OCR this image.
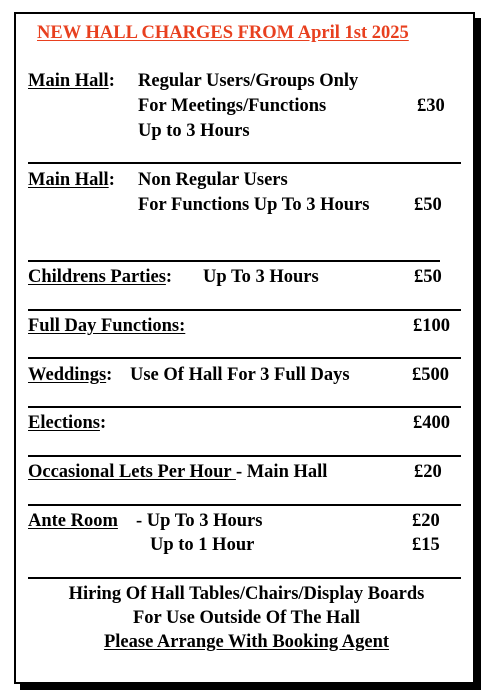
NEW HALL CHARGES FROM April 1st 2025
Main Hall: Regular Users/Groups Only
For Meetings/Functions	£30
Up to 3 Hours
Main Hall: Non Regular Users
For Functions Up To 3 Hours £50
Childrens Parties: Up To 3 Hours	£50
Full Day Functions:	£100
Weddings: Use Of Hall For 3 Full Days	£500
Elections:	£400
Occasional Lets Per Hour - Main Hall	£20
Ante Room - Up To 3 Hours	£20
Up to 1 Hour	£15
Hiring Of Hall Tables/Chairs/Display Boards
For Use Outside Of The Hall
Please Arrange With Booking Agent
